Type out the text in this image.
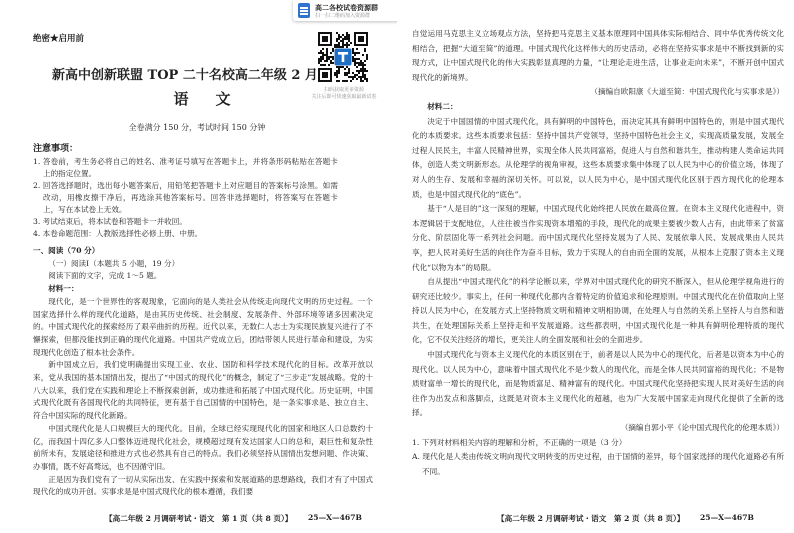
高二各校试卷资源群
扫一扫二维码加入资源群
绝密★启用前
新高中创新联盟 TOP 二十名校高二年级 2 月
语　文	扫码获取更多资源
关注后即可快速获取最新试卷
全卷满分 150 分，考试时间 150 分钟
注意事项：
1. 答卷前，考生务必将自己的姓名、准考证号填写在答题卡上，并将条形码粘贴在答题卡上的指定位置。
2. 回答选择题时，选出每小题答案后，用铅笔把答题卡上对应题目的答案标号涂黑。如需改动，用橡皮擦干净后，再选涂其他答案标号。回答非选择题时，将答案写在答题卡上，写在本试卷上无效。
3. 考试结束后，将本试卷和答题卡一并收回。
4. 本卷命题范围：人教版选择性必修上册、中册。
一、阅读（70 分）
（一）阅读Ⅰ（本题共 5 小题，19 分）
阅读下面的文字，完成 1～5 题。
材料一：

现代化，是一个世界性的客观现象，它面向的是人类社会从传统走向现代文明的历史过程。一个国家选择什么样的现代化道路，是由其历史传统、社会制度、发展条件、外部环境等诸多因素决定的。中国式现代化的探索经历了艰辛曲折的历程。近代以来，无数仁人志士为实现民族复兴进行了不懈探索，但都没能找到正确的现代化道路。中国共产党成立后，团结带领人民进行革命和建设，为实现现代化创造了根本社会条件。

新中国成立后，我们党明确提出实现工业、农业、国防和科学技术现代化的目标。改革开放以来，党从我国的基本国情出发，提出了“中国式的现代化”的概念，制定了“三步走”发展战略。党的十八大以来，我们党在实践和理论上不断探索创新，成功推进和拓展了中国式现代化。历史证明，中国式现代化既有各国现代化的共同特征，更有基于自己国情的中国特色，是一条实事求是、独立自主、符合中国实际的现代化新路。

中国式现代化是人口规模巨大的现代化。目前，全球已经实现现代化的国家和地区人口总数约十亿，而我国十四亿多人口整体迈进现代化社会，规模超过现有发达国家人口的总和，艰巨性和复杂性前所未有，发展途径和推进方式也必然具有自己的特点。我们必须坚持从国情出发想问题、作决策、办事情，既不好高骛远，也不因循守旧。

正是因为我们党有了一切从实际出发、在实践中探索和发展道路的思想路线，我们才有了中国式现代化的成功开创。实事求是是中国式现代化的根本遵循，我们要

【高二年级 2 月调研考试・语文　第 1 页（共 8 页）】 25—X—467B

自觉运用马克思主义立场观点方法，坚持把马克思主义基本原理同中国具体实际相结合、同中华优秀传统文化相结合，把握“大道至简”的道理。中国式现代化这样伟大的历史活动，必将在坚持实事求是中不断找到新的实现方式，让中国式现代化的伟大实践彰显真理的力量，“让理论走进生活，让事业走向未来”，不断开创中国式现代化的新境界。

（摘编自欧阳康《大道至简：中国式现代化与实事求是》）
材料二：

决定于中国国情的中国式现代化，具有鲜明的中国特色，而决定其具有鲜明中国特色的，则是中国式现代化的本质要求。这些本质要求包括：坚持中国共产党领导，坚持中国特色社会主义，实现高质量发展，发展全过程人民民主，丰富人民精神世界，实现全体人民共同富裕，促进人与自然和谐共生，推动构建人类命运共同体，创造人类文明新形态。从伦理学的视角审视，这些本质要求集中体现了以人民为中心的价值立场，体现了对人的生存、发展和幸福的深切关怀。可以说，以人民为中心，是中国式现代化区别于西方现代化的伦理本质，也是中国式现代化的“底色”。

基于“人是目的”这一深刻的理解，中国式现代化始终把人民放在最高位置。在资本主义现代化进程中，资本逻辑居于支配地位，人往往被当作实现资本增殖的手段，现代化的成果主要被少数人占有，由此带来了贫富分化、阶层固化等一系列社会问题。而中国式现代化坚持发展为了人民、发展依靠人民、发展成果由人民共享，把人民对美好生活的向往作为奋斗目标，致力于实现人的自由而全面的发展，从根本上克服了资本主义现代化“以物为本”的局限。

自从提出“中国式现代化”的科学论断以来，学界对中国式现代化的研究不断深入，但从伦理学视角进行的研究还比较少。事实上，任何一种现代化都内含着特定的价值追求和伦理原则。中国式现代化在价值取向上坚持以人民为中心，在发展方式上坚持物质文明和精神文明相协调，在处理人与自然的关系上坚持人与自然和谐共生，在处理国际关系上坚持走和平发展道路。这些都表明，中国式现代化是一种具有鲜明伦理特质的现代化，它不仅关注经济的增长，更关注人的全面发展和社会的全面进步。

中国式现代化与资本主义现代化的本质区别在于，前者是以人民为中心的现代化，后者是以资本为中心的现代化。以人民为中心，意味着中国式现代化不是少数人的现代化，而是全体人民共同富裕的现代化；不是物质财富单一增长的现代化，而是物质富足、精神富有的现代化。中国式现代化坚持把实现人民对美好生活的向往作为出发点和落脚点，这既是对资本主义现代化的超越，也为广大发展中国家走向现代化提供了全新的选择。

（摘编自郭小平《论中国式现代化的伦理本质》）
1. 下列对材料相关内容的理解和分析，不正确的一项是（3 分）
A. 现代化是人类由传统文明向现代文明转变的历史过程，由于国情的差异，每个国家选择的现代化道路必有所不同。
【高二年级 2 月调研考试・语文　第 2 页（共 8 页）】 25—X—467B
